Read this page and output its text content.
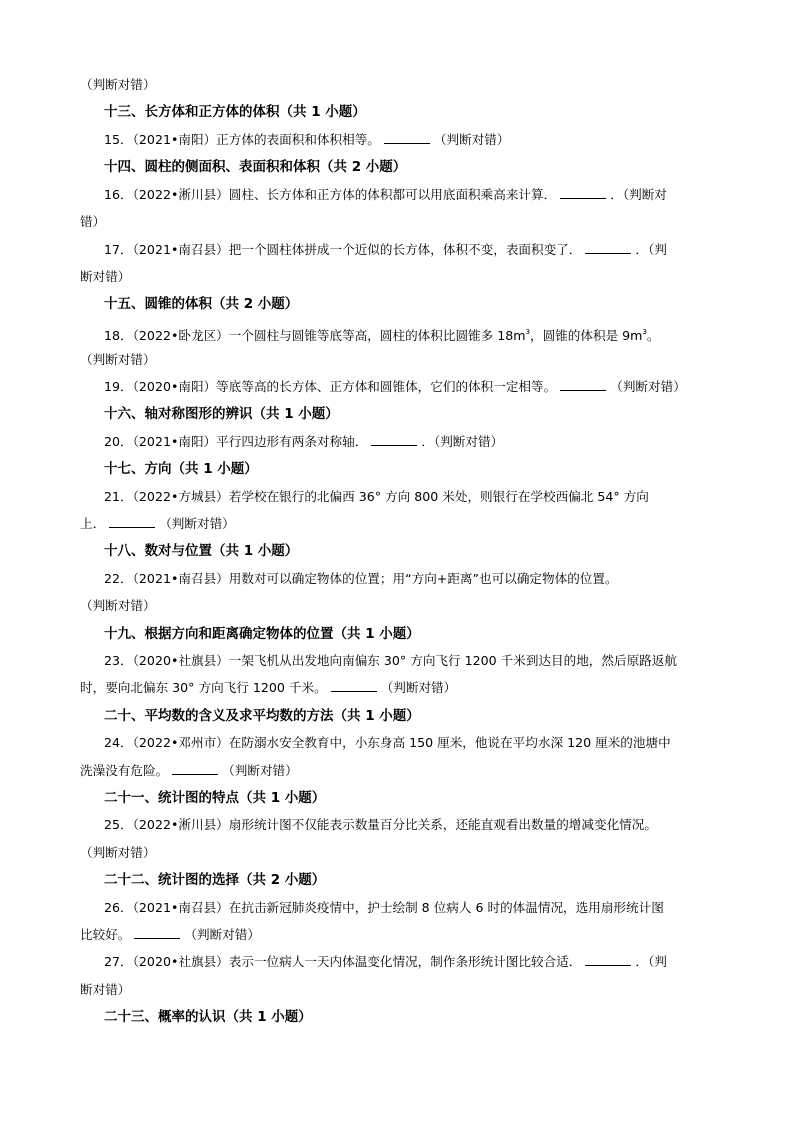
（判断对错）
十三、长方体和正方体的体积（共 1 小题）
15．（2021•南阳）正方体的表面积和体积相等。	（判断对错）
十四、圆柱的侧面积、表面积和体积（共 2 小题）
16．（2022•淅川县）圆柱、长方体和正方体的体积都可以用底面积乘高来计算．	．（判断对
错）
17．（2021•南召县）把一个圆柱体拼成一个近似的长方体，体积不变，表面积变了．	．（判
断对错）
十五、圆锥的体积（共 2 小题）
18．（2022•卧龙区）一个圆柱与圆锥等底等高，圆柱的体积比圆锥多 $18m^3$，圆锥的体积是 $9m^3$。
（判断对错）
19．（2020•南阳）等底等高的长方体、正方体和圆锥体，它们的体积一定相等。	（判断对错）
十六、轴对称图形的辨识（共 1 小题）
20．（2021•南阳）平行四边形有两条对称轴．	．（判断对错）
十七、方向（共 1 小题）
21．（2022•方城县）若学校在银行的北偏西 36° 方向 800 米处，则银行在学校西偏北 54° 方向
上．	（判断对错）
十八、数对与位置（共 1 小题）
22．（2021•南召县）用数对可以确定物体的位置；用“方向+距离”也可以确定物体的位置。
（判断对错）
十九、根据方向和距离确定物体的位置（共 1 小题）
23．（2020•社旗县）一架飞机从出发地向南偏东 30° 方向飞行 1200 千米到达目的地，然后原路返航
时，要向北偏东 30° 方向飞行 1200 千米。	（判断对错）
二十、平均数的含义及求平均数的方法（共 1 小题）
24．（2022•邓州市）在防溺水安全教育中，小东身高 150 厘米，他说在平均水深 120 厘米的池塘中
洗澡没有危险。	（判断对错）
二十一、统计图的特点（共 1 小题）
25．（2022•淅川县）扇形统计图不仅能表示数量百分比关系，还能直观看出数量的增减变化情况。
（判断对错）
二十二、统计图的选择（共 2 小题）
26．（2021•南召县）在抗击新冠肺炎疫情中，护士绘制 8 位病人 6 时的体温情况，选用扇形统计图
比较好。	（判断对错）
27．（2020•社旗县）表示一位病人一天内体温变化情况，制作条形统计图比较合适．	．（判
断对错）
二十三、概率的认识（共 1 小题）
